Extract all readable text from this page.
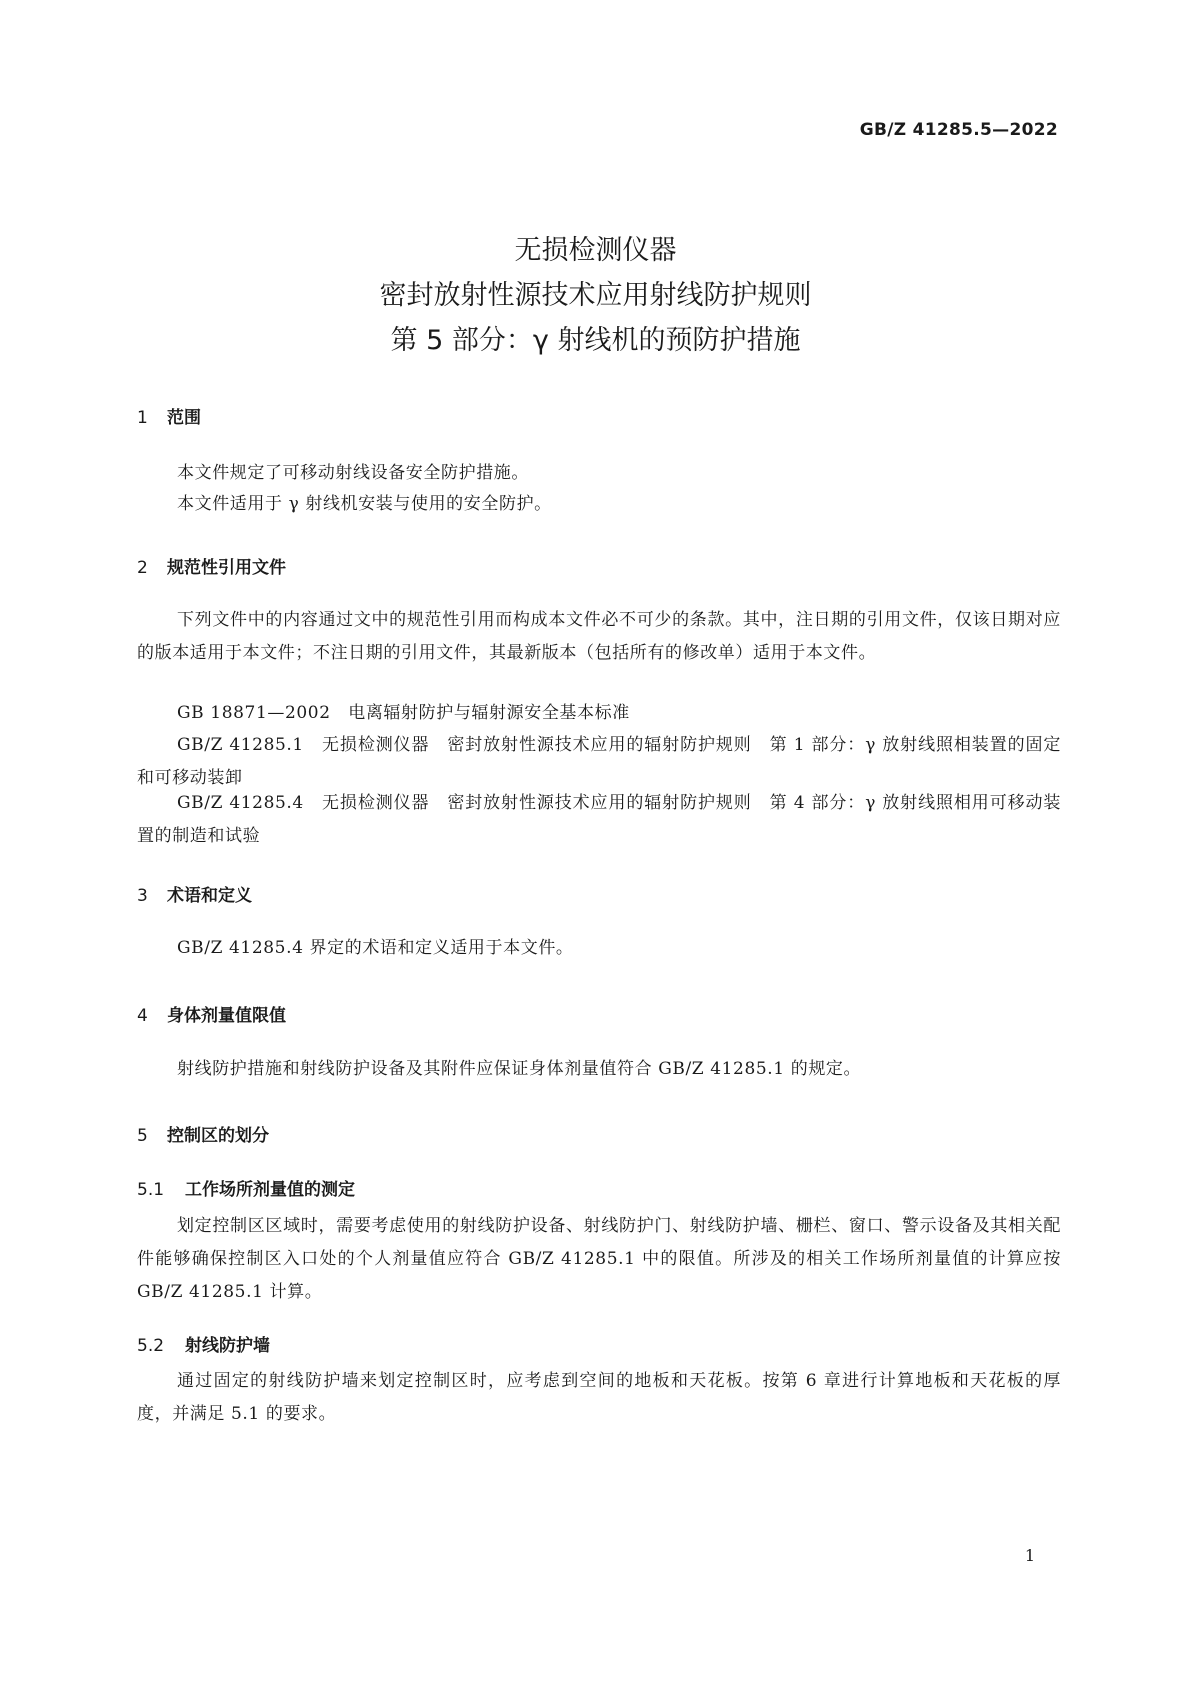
GB/Z 41285.5—2022
无损检测仪器
密封放射性源技术应用射线防护规则
第 5 部分：γ 射线机的预防护措施
1 范围
本文件规定了可移动射线设备安全防护措施。
本文件适用于 γ 射线机安装与使用的安全防护。
2 规范性引用文件
下列文件中的内容通过文中的规范性引用而构成本文件必不可少的条款。其中，注日期的引用文件，仅该日期对应的版本适用于本文件；不注日期的引用文件，其最新版本（包括所有的修改单）适用于本文件。
GB 18871—2002　电离辐射防护与辐射源安全基本标准
GB/Z 41285.1　无损检测仪器　密封放射性源技术应用的辐射防护规则　第 1 部分：γ 放射线照相装置的固定和可移动装卸
GB/Z 41285.4　无损检测仪器　密封放射性源技术应用的辐射防护规则　第 4 部分：γ 放射线照相用可移动装置的制造和试验
3 术语和定义
GB/Z 41285.4 界定的术语和定义适用于本文件。
4 身体剂量值限值
射线防护措施和射线防护设备及其附件应保证身体剂量值符合 GB/Z 41285.1 的规定。
5 控制区的划分
5.1 工作场所剂量值的测定
划定控制区区域时，需要考虑使用的射线防护设备、射线防护门、射线防护墙、栅栏、窗口、警示设备及其相关配件能够确保控制区入口处的个人剂量值应符合 GB/Z 41285.1 中的限值。所涉及的相关工作场所剂量值的计算应按 GB/Z 41285.1 计算。
5.2 射线防护墙
通过固定的射线防护墙来划定控制区时，应考虑到空间的地板和天花板。按第 6 章进行计算地板和天花板的厚度，并满足 5.1 的要求。
1
